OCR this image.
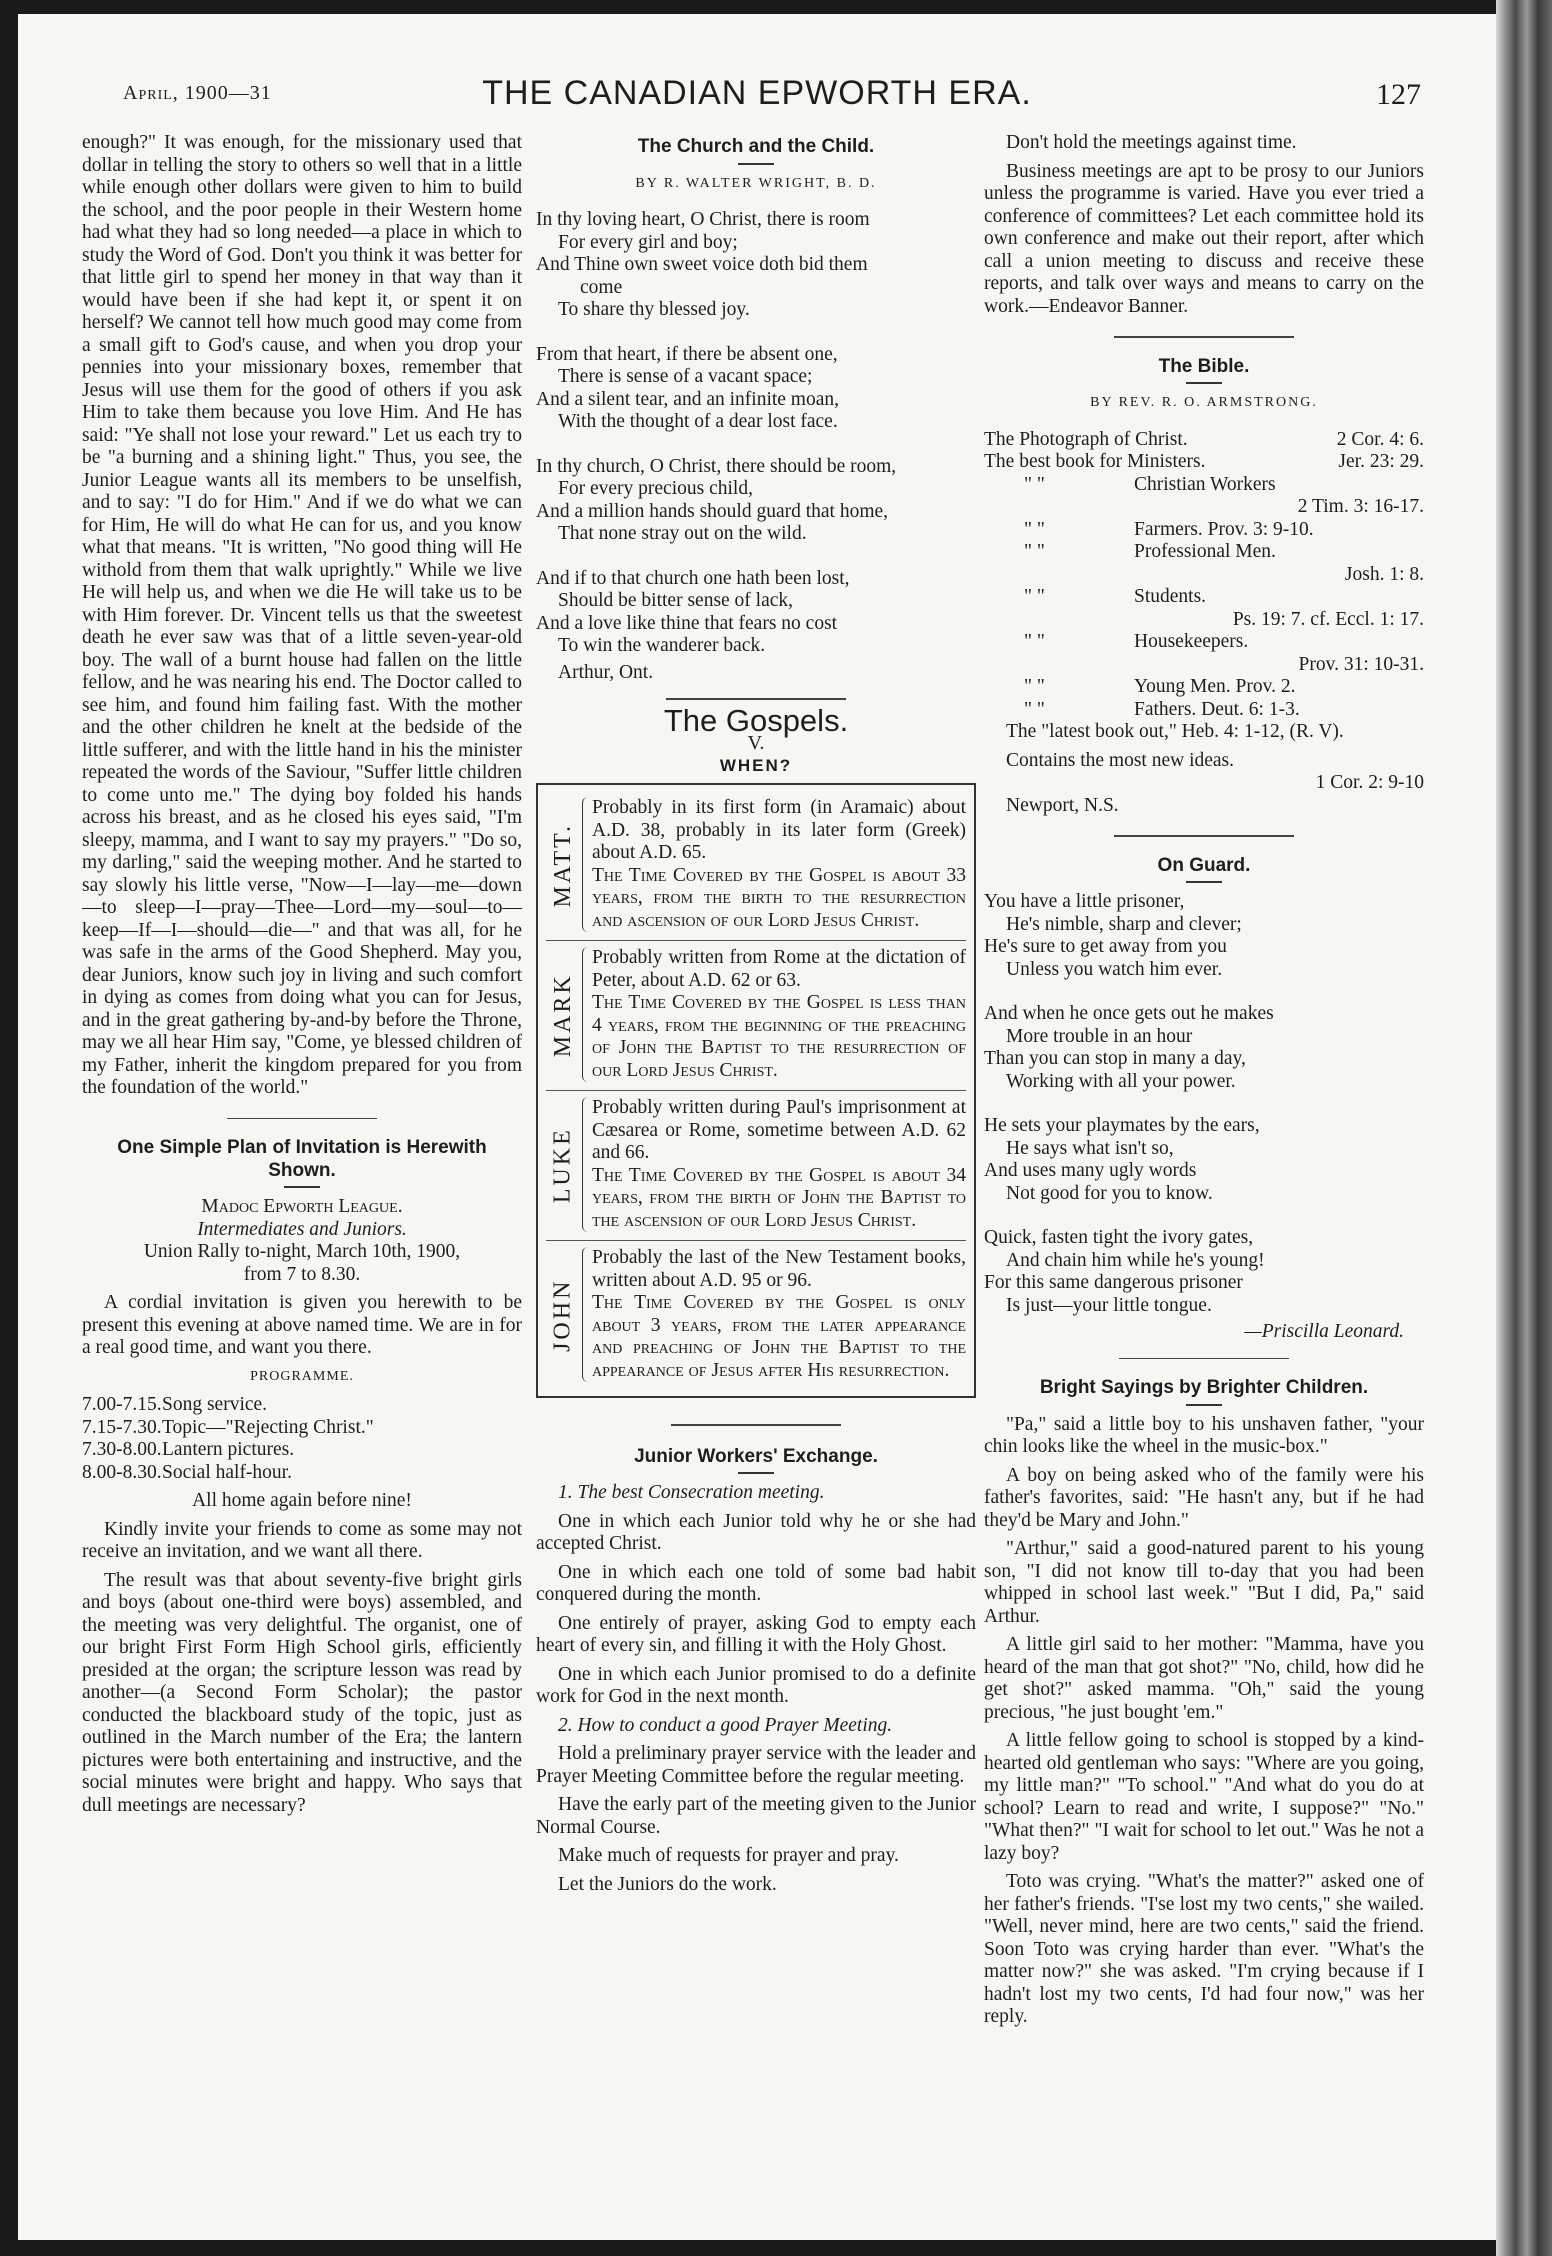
April, 1900—31	THE CANADIAN EPWORTH ERA.	127

enough?" It was enough, for the missionary used that dollar in telling the story to others so well that in a little while enough other dollars were given to him to build the school, and the poor people in their Western home had what they had so long needed—a place in which to study the Word of God. Don't you think it was better for that little girl to spend her money in that way than it would have been if she had kept it, or spent it on herself? We cannot tell how much good may come from a small gift to God's cause, and when you drop your pennies into your missionary boxes, remember that Jesus will use them for the good of others if you ask Him to take them because you love Him. And He has said: "Ye shall not lose your reward." Let us each try to be "a burning and a shining light." Thus, you see, the Junior League wants all its members to be unselfish, and to say: "I do for Him." And if we do what we can for Him, He will do what He can for us, and you know what that means. "It is written, "No good thing will He withold from them that walk uprightly." While we live He will help us, and when we die He will take us to be with Him forever. Dr. Vincent tells us that the sweetest death he ever saw was that of a little seven-year-old boy. The wall of a burnt house had fallen on the little fellow, and he was nearing his end. The Doctor called to see him, and found him failing fast. With the mother and the other children he knelt at the bedside of the little sufferer, and with the little hand in his the minister repeated the words of the Saviour, "Suffer little children to come unto me." The dying boy folded his hands across his breast, and as he closed his eyes said, "I'm sleepy, mamma, and I want to say my prayers." "Do so, my darling," said the weeping mother. And he started to say slowly his little verse, "Now—I—lay—me—down—to sleep—I—pray—Thee—Lord—my—soul—to—keep—If—I—should—die—" and that was all, for he was safe in the arms of the Good Shepherd. May you, dear Juniors, know such joy in living and such comfort in dying as comes from doing what you can for Jesus, and in the great gathering by-and-by before the Throne, may we all hear Him say, "Come, ye blessed children of my Father, inherit the kingdom prepared for you from the foundation of the world."

One Simple Plan of Invitation is Herewith Shown.
Madoc Epworth League.
Intermediates and Juniors.
Union Rally to-night, March 10th, 1900,
from 7 to 8.30.

A cordial invitation is given you herewith to be present this evening at above named time. We are in for a real good time, and want you there.

PROGRAMME.
7.00-7.15. Song service.
7.15-7.30. Topic—"Rejecting Christ."
7.30-8.00. Lantern pictures.
8.00-8.30. Social half-hour.
All home again before nine!

Kindly invite your friends to come as some may not receive an invitation, and we want all there.

The result was that about seventy-five bright girls and boys (about one-third were boys) assembled, and the meeting was very delightful. The organist, one of our bright First Form High School girls, efficiently presided at the organ; the scripture lesson was read by another—(a Second Form Scholar); the pastor conducted the blackboard study of the topic, just as outlined in the March number of the Era; the lantern pictures were both entertaining and instructive, and the social minutes were bright and happy. Who says that dull meetings are necessary?

The Church and the Child.
BY R. WALTER WRIGHT, B. D.
In thy loving heart, O Christ, there is room
For every girl and boy;
And Thine own sweet voice doth bid them
come
To share thy blessed joy.
From that heart, if there be absent one,
There is sense of a vacant space;
And a silent tear, and an infinite moan,
With the thought of a dear lost face.
In thy church, O Christ, there should be room,
For every precious child,
And a million hands should guard that home,
That none stray out on the wild.
And if to that church one hath been lost,
Should be bitter sense of lack,
And a love like thine that fears no cost
To win the wanderer back.
Arthur, Ont.
The Gospels.
V.
WHEN?
MATT.

Probably in its first form (in Aramaic) about A.D. 38, probably in its later form (Greek) about A.D. 65.

The Time Covered by the Gospel is about 33 years, from the birth to the resurrection and ascension of our Lord Jesus Christ.

MARK

Probably written from Rome at the dictation of Peter, about A.D. 62 or 63.

The Time Covered by the Gospel is less than 4 years, from the beginning of the preaching of John the Baptist to the resurrection of our Lord Jesus Christ.

LUKE

Probably written during Paul's imprisonment at Cæsarea or Rome, sometime between A.D. 62 and 66.

The Time Covered by the Gospel is about 34 years, from the birth of John the Baptist to the ascension of our Lord Jesus Christ.

JOHN

Probably the last of the New Testament books, written about A.D. 95 or 96.

The Time Covered by the Gospel is only about 3 years, from the later appearance and preaching of John the Baptist to the appearance of Jesus after His resurrection.

Junior Workers' Exchange.

1. The best Consecration meeting.

One in which each Junior told why he or she had accepted Christ.

One in which each one told of some bad habit conquered during the month.

One entirely of prayer, asking God to empty each heart of every sin, and filling it with the Holy Ghost.

One in which each Junior promised to do a definite work for God in the next month.

2. How to conduct a good Prayer Meeting.

Hold a preliminary prayer service with the leader and Prayer Meeting Committee before the regular meeting.

Have the early part of the meeting given to the Junior Normal Course.

Make much of requests for prayer and pray.

Let the Juniors do the work.

Don't hold the meetings against time.

Business meetings are apt to be prosy to our Juniors unless the programme is varied. Have you ever tried a conference of committees? Let each committee hold its own conference and make out their report, after which call a union meeting to discuss and receive these reports, and talk over ways and means to carry on the work.—Endeavor Banner.

The Bible.
BY REV. R. O. ARMSTRONG.
The Photograph of Christ.	2 Cor. 4: 6.
The best book for Ministers.	Jer. 23: 29.
" "	Christian Workers
2 Tim. 3: 16-17.
" "	Farmers. Prov. 3: 9-10.
" "	Professional Men.
Josh. 1: 8.
" "	Students.
Ps. 19: 7. cf. Eccl. 1: 17.
" "	Housekeepers.
Prov. 31: 10-31.
" "	Young Men. Prov. 2.
" "	Fathers. Deut. 6: 1-3.

The "latest book out," Heb. 4: 1-12, (R. V).

Contains the most new ideas.

1 Cor. 2: 9-10

Newport, N.S.

On Guard.
You have a little prisoner,
He's nimble, sharp and clever;
He's sure to get away from you
Unless you watch him ever.
And when he once gets out he makes
More trouble in an hour
Than you can stop in many a day,
Working with all your power.
He sets your playmates by the ears,
He says what isn't so,
And uses many ugly words
Not good for you to know.
Quick, fasten tight the ivory gates,
And chain him while he's young!
For this same dangerous prisoner
Is just—your little tongue.
—Priscilla Leonard.
Bright Sayings by Brighter Children.

"Pa," said a little boy to his unshaven father, "your chin looks like the wheel in the music-box."

A boy on being asked who of the family were his father's favorites, said: "He hasn't any, but if he had they'd be Mary and John."

"Arthur," said a good-natured parent to his young son, "I did not know till to-day that you had been whipped in school last week." "But I did, Pa," said Arthur.

A little girl said to her mother: "Mamma, have you heard of the man that got shot?" "No, child, how did he get shot?" asked mamma. "Oh," said the young precious, "he just bought 'em."

A little fellow going to school is stopped by a kind-hearted old gentleman who says: "Where are you going, my little man?" "To school." "And what do you do at school? Learn to read and write, I suppose?" "No." "What then?" "I wait for school to let out." Was he not a lazy boy?

Toto was crying. "What's the matter?" asked one of her father's friends. "I'se lost my two cents," she wailed. "Well, never mind, here are two cents," said the friend. Soon Toto was crying harder than ever. "What's the matter now?" she was asked. "I'm crying because if I hadn't lost my two cents, I'd had four now," was her reply.
